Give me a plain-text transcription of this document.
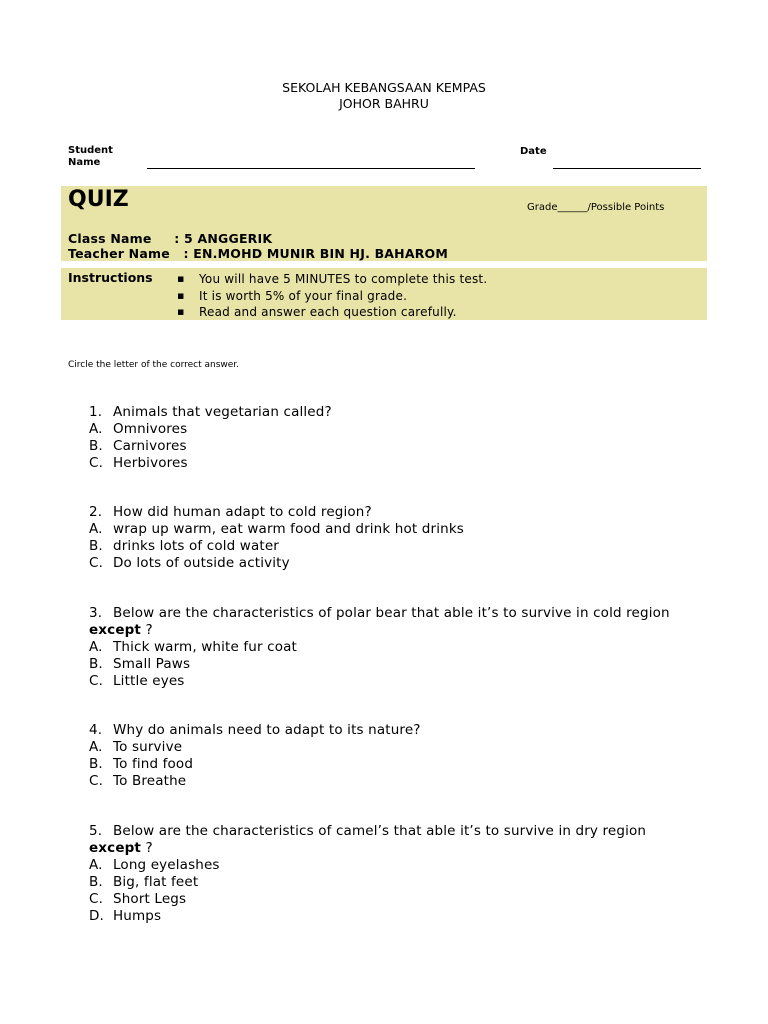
SEKOLAH KEBANGSAAN KEMPAS
JOHOR BAHRU
Student
Name
Date
QUIZ	Grade______/Possible Points
Class Name     : 5 ANGGERIK
Teacher Name   : EN.MOHD MUNIR BIN HJ. BAHAROM
Instructions
▪	You will have 5 MINUTES to complete this test.
▪ It is worth 5% of your final grade.
▪ Read and answer each question carefully.
Circle the letter of the correct answer.
1. Animals that vegetarian called?
A. Omnivores
B. Carnivores
C. Herbivores
2. How did human adapt to cold region?
A. wrap up warm, eat warm food and drink hot drinks
B. drinks lots of cold water
C. Do lots of outside activity
3. Below are the characteristics of polar bear that able it’s to survive in cold region
except ?
A. Thick warm, white fur coat
B. Small Paws
C. Little eyes
4. Why do animals need to adapt to its nature?
A. To survive
B. To find food
C. To Breathe
5. Below are the characteristics of camel’s that able it’s to survive in dry region
except ?
A. Long eyelashes
B. Big, flat feet
C. Short Legs
D. Humps
